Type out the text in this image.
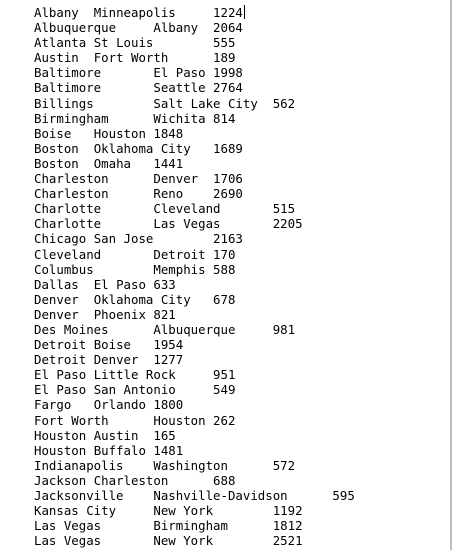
Albany	Minneapolis	1224
Albuquerque	Albany	2064
Atlanta	St Louis	555
Austin	Fort Worth	189
Baltimore	El Paso	1998
Baltimore	Seattle	2764
Billings	Salt Lake City	562
Birmingham	Wichita	814
Boise	Houston	1848
Boston	Oklahoma City	1689
Boston	Omaha	1441
Charleston	Denver	1706
Charleston	Reno	2690
Charlotte	Cleveland	515
Charlotte	Las Vegas	2205
Chicago	San Jose	2163
Cleveland	Detroit	170
Columbus	Memphis	588
Dallas	El Paso	633
Denver	Oklahoma City	678
Denver	Phoenix	821
Des Moines	Albuquerque	981
Detroit	Boise	1954
Detroit	Denver	1277
El Paso	Little Rock	951
El Paso	San Antonio	549
Fargo	Orlando	1800
Fort Worth	Houston	262
Houston	Austin	165
Houston	Buffalo	1481
Indianapolis	Washington	572
Jackson	Charleston	688
Jacksonville	Nashville-Davidson	595
Kansas City	New York	1192
Las Vegas	Birmingham	1812
Las Vegas	New York	2521
